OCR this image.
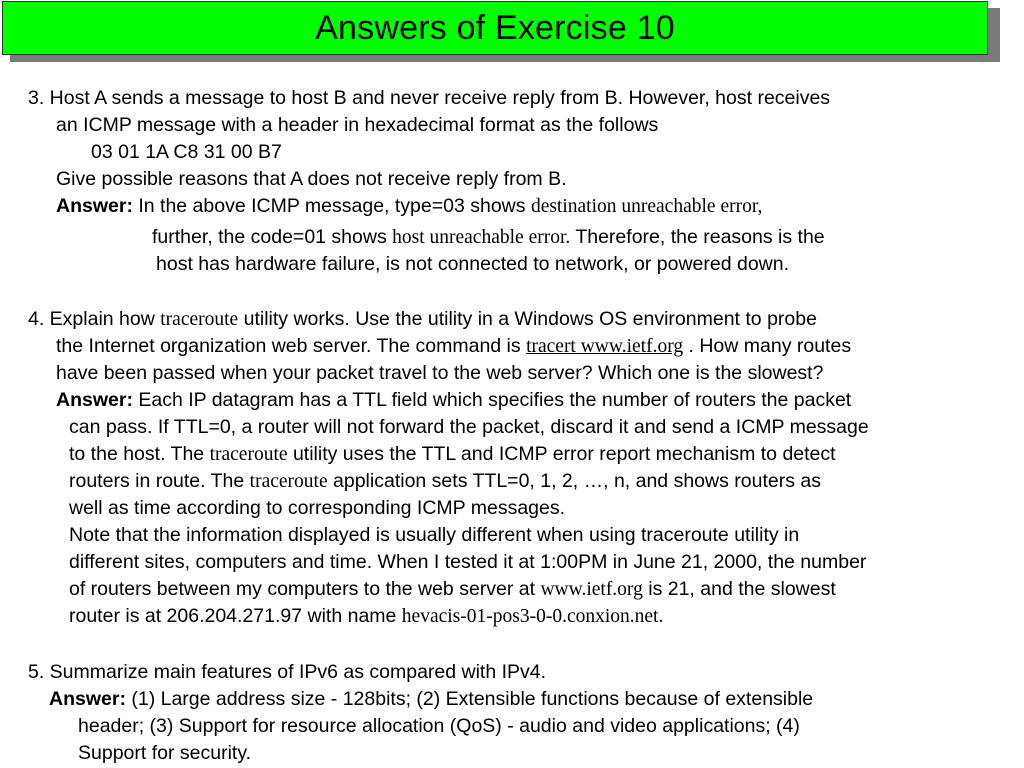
Answers of Exercise 10
3. Host A sends a message to host B and never receive reply from B. However, host receives
an ICMP message with a header in hexadecimal format as the follows
03 01 1A C8 31 00 B7
Give possible reasons that A does not receive reply from B.
Answer: In the above ICMP message, type=03 shows destination unreachable error,
further, the code=01 shows host unreachable error. Therefore, the reasons is the
host has hardware failure, is not connected to network, or powered down.
4. Explain how traceroute utility works. Use the utility in a Windows OS environment to probe
the Internet organization web server. The command is tracert www.ietf.org . How many routes
have been passed when your packet travel to the web server? Which one is the slowest?
Answer: Each IP datagram has a TTL field which specifies the number of routers the packet
can pass. If TTL=0, a router will not forward the packet, discard it and send a ICMP message
to the host. The traceroute utility uses the TTL and ICMP error report mechanism to detect
routers in route. The traceroute application sets TTL=0, 1, 2, …, n, and shows routers as
well as time according to corresponding ICMP messages.
Note that the information displayed is usually different when using traceroute utility in
different sites, computers and time. When I tested it at 1:00PM in June 21, 2000, the number
of routers between my computers to the web server at www.ietf.org is 21, and the slowest
router is at 206.204.271.97 with name hevacis-01-pos3-0-0.conxion.net.
5. Summarize main features of IPv6 as compared with IPv4.
Answer: (1) Large address size - 128bits; (2) Extensible functions because of extensible
header; (3) Support for resource allocation (QoS) - audio and video applications; (4)
Support for security.
